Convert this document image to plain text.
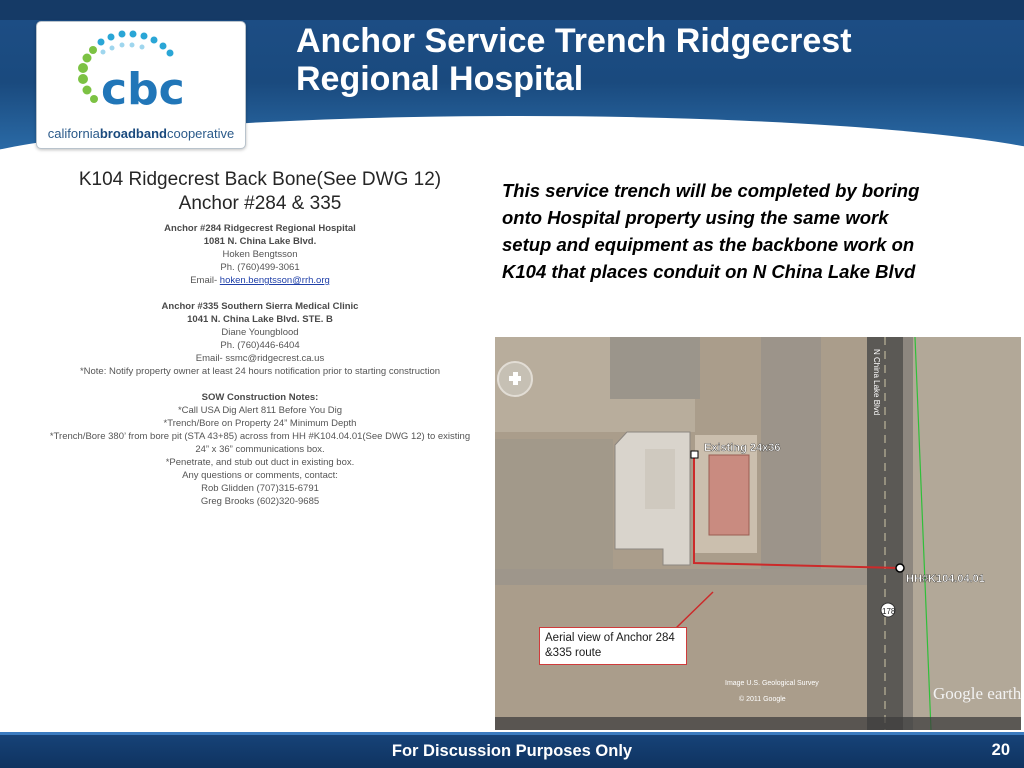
cbc
californiabroadbandcooperative
Anchor Service Trench Ridgecrest Regional Hospital
K104 Ridgecrest Back Bone(See DWG 12)
Anchor #284 & 335
Anchor #284 Ridgecrest Regional Hospital
1081 N. China Lake Blvd.
Hoken Bengtsson
Ph. (760)499-3061
Email- hoken.bengtsson@rrh.org
Anchor #335 Southern Sierra Medical Clinic
1041 N. China Lake Blvd. STE. B
Diane Youngblood
Ph. (760)446-6404
Email- ssmc@ridgecrest.ca.us
*Note: Notify property owner at least 24 hours notification prior to starting construction
SOW Construction Notes:
*Call USA Dig Alert 811 Before You Dig
*Trench/Bore on Property 24” Minimum Depth
*Trench/Bore 380’ from bore pit (STA 43+85) across from HH #K104.04.01(See DWG 12) to existing
24” x 36” communications box.
*Penetrate, and stub out duct in existing box.
Any questions or comments, contact:
Rob Glidden (707)315-6791
Greg Brooks (602)320-9685

This service trench will be completed by boring onto Hospital property using the same work setup and equipment as the backbone work on K104 that places conduit on N China Lake Blvd

Existing 24x36
HH#K104.04.01
N China Lake Blvd
178
Image U.S. Geological Survey
© 2011 Google	Google earth
Aerial view of Anchor 284 &335 route
For Discussion Purposes Only	20
